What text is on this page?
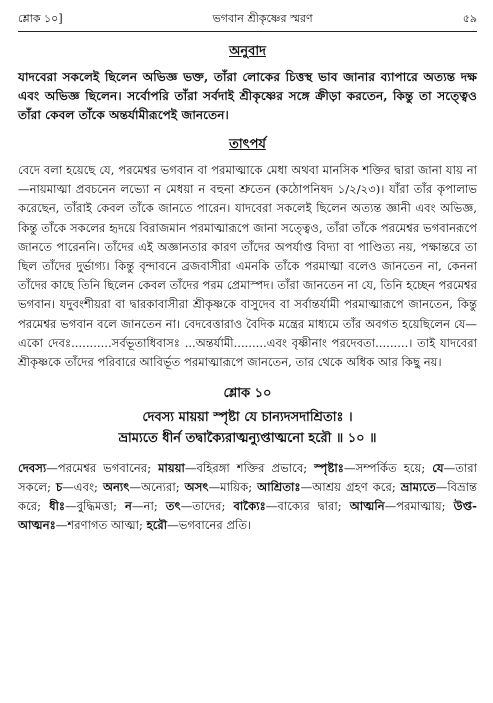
শ্লোক ১০]	ভগবান শ্রীকৃষ্ণের স্মরণ	৫৯
অনুবাদ

যাদবেরা সকলেই ছিলেন অভিজ্ঞ ভক্ত, তাঁরা লোকের চিত্তস্থ ভাব জানার ব্যাপারে অত্যন্ত দক্ষ এবং অভিজ্ঞ ছিলেন। সর্বোপরি তাঁরা সর্বদাই শ্রীকৃষ্ণের সঙ্গে ক্রীড়া করতেন, কিন্তু তা সত্ত্বেও তাঁরা কেবল তাঁকে অন্তর্যামীরূপেই জানতেন।

তাৎপর্য

বেদে বলা হয়েছে যে, পরমেশ্বর ভগবান বা পরমাত্মাকে মেধা অথবা মানসিক শক্তির দ্বারা জানা যায় না—নায়মাত্মা প্রবচনেন লভ্যো ন মেধয়া ন বহুনা শ্রুতেন (কঠোপনিষদ ১/২/২৩)। যাঁরা তাঁর কৃপালাভ করেছেন, তাঁরাই কেবল তাঁকে জানতে পারেন। যাদবেরা সকলেই ছিলেন অত্যন্ত জ্ঞানী এবং অভিজ্ঞ, কিন্তু তাঁকে সকলের হৃদয়ে বিরাজমান পরমাত্মারূপে জানা সত্ত্বেও, তাঁরা তাঁকে পরমেশ্বর ভগবানরূপে জানতে পারেননি। তাঁদের এই অজ্ঞানতার কারণ তাঁদের অপর্যাপ্ত বিদ্যা বা পাণ্ডিত্য নয়, পক্ষান্তরে তা ছিল তাঁদের দুর্ভাগ্য। কিন্তু বৃন্দাবনে ব্রজবাসীরা এমনকি তাঁকে পরমাত্মা বলেও জানতেন না, কেননা তাঁদের কাছে তিনি ছিলেন কেবল তাঁদের পরম প্রেমাস্পদ। তাঁরা জানতেন না যে, তিনি হচ্ছেন পরমেশ্বর ভগবান। যদুবংশীয়রা বা দ্বারকাবাসীরা শ্রীকৃষ্ণকে বাসুদেব বা সর্বান্তর্যামী পরমাত্মারূপে জানতেন, কিন্তু পরমেশ্বর ভগবান বলে জানতেন না। বেদবেত্তারাও বৈদিক মন্ত্রের মাধ্যমে তাঁর অবগত হয়েছিলেন যে—একো দেবঃ...........সর্বভূতাধিবাসঃ ...অন্তর্যামী.........এবং বৃষ্ণীনাং পরদেবতা.........। তাই যাদবেরা শ্রীকৃষ্ণকে তাঁদের পরিবারে আবির্ভূত পরমাত্মারূপে জানতেন, তার থেকে অধিক আর কিছু নয়।

শ্লোক ১০
দেবস্য মায়য়া স্পৃষ্টা যে চান্যদসদাশ্রিতাঃ ।
ভ্রাম্যতে ধীর্ন তদ্বাক্যৈরাত্মন্যুপ্তাত্মনো হরৌ ॥ ১০ ॥

দেবস্য—পরমেশ্বর ভগবানের; মায়য়া—বহিরঙ্গা শক্তির প্রভাবে; স্পৃষ্টাঃ—সম্পর্কিত হয়ে; যে—তারা সকলে; চ—এবং; অন্যৎ—অন্যেরা; অসৎ—মায়িক; আশ্রিতাঃ—আশ্রয় গ্রহণ করে; ভ্রাম্যতে—বিভ্রান্ত করে; ধীঃ—বুদ্ধিমত্তা; ন—না; তৎ—তাদের; বাক্যৈঃ—বাক্যের দ্বারা; আত্মনি—পরমাত্মায়; উপ্ত-আত্মনঃ—শরণাগত আত্মা; হরৌ—ভগবানের প্রতি।
